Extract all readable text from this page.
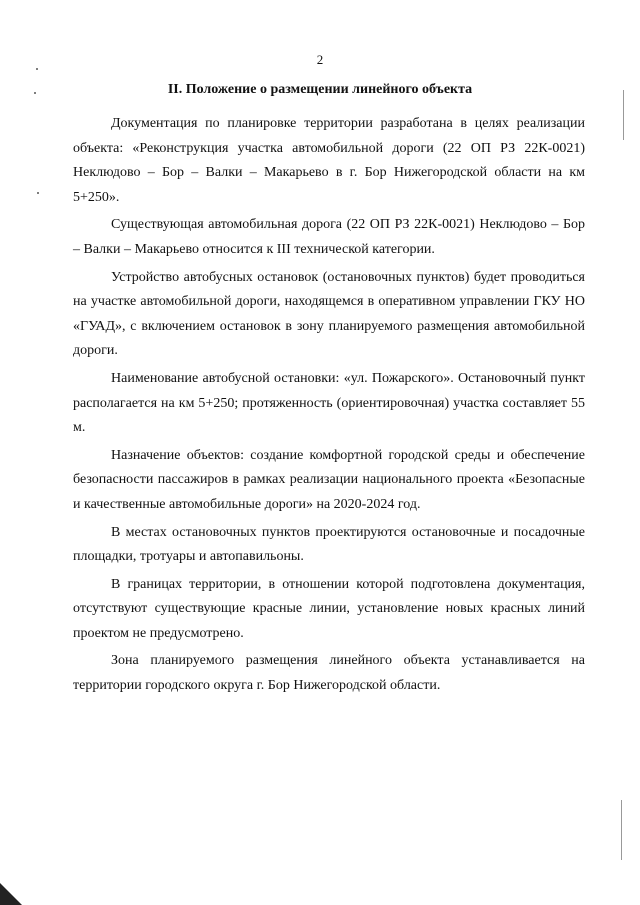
2
II. Положение о размещении линейного объекта

Документация по планировке территории разработана в целях реализации объекта: «Реконструкция участка автомобильной дороги (22 ОП РЗ 22К-0021) Неклюдово – Бор – Валки – Макарьево в г. Бор Нижегородской области на км 5+250».

Существующая автомобильная дорога (22 ОП РЗ 22К-0021) Неклюдово – Бор – Валки – Макарьево относится к III технической категории.

Устройство автобусных остановок (остановочных пунктов) будет проводиться на участке автомобильной дороги, находящемся в оперативном управлении ГКУ НО «ГУАД», с включением остановок в зону планируемого размещения автомобильной дороги.

Наименование автобусной остановки: «ул. Пожарского». Остановочный пункт располагается на км 5+250; протяженность (ориентировочная) участка составляет 55 м.

Назначение объектов: создание комфортной городской среды и обеспечение безопасности пассажиров в рамках реализации национального проекта «Безопасные и качественные автомобильные дороги» на 2020-2024 год.

В местах остановочных пунктов проектируются остановочные и посадочные площадки, тротуары и автопавильоны.

В границах территории, в отношении которой подготовлена документация, отсутствуют существующие красные линии, установление новых красных линий проектом не предусмотрено.

Зона планируемого размещения линейного объекта устанавливается на территории городского округа г. Бор Нижегородской области.
